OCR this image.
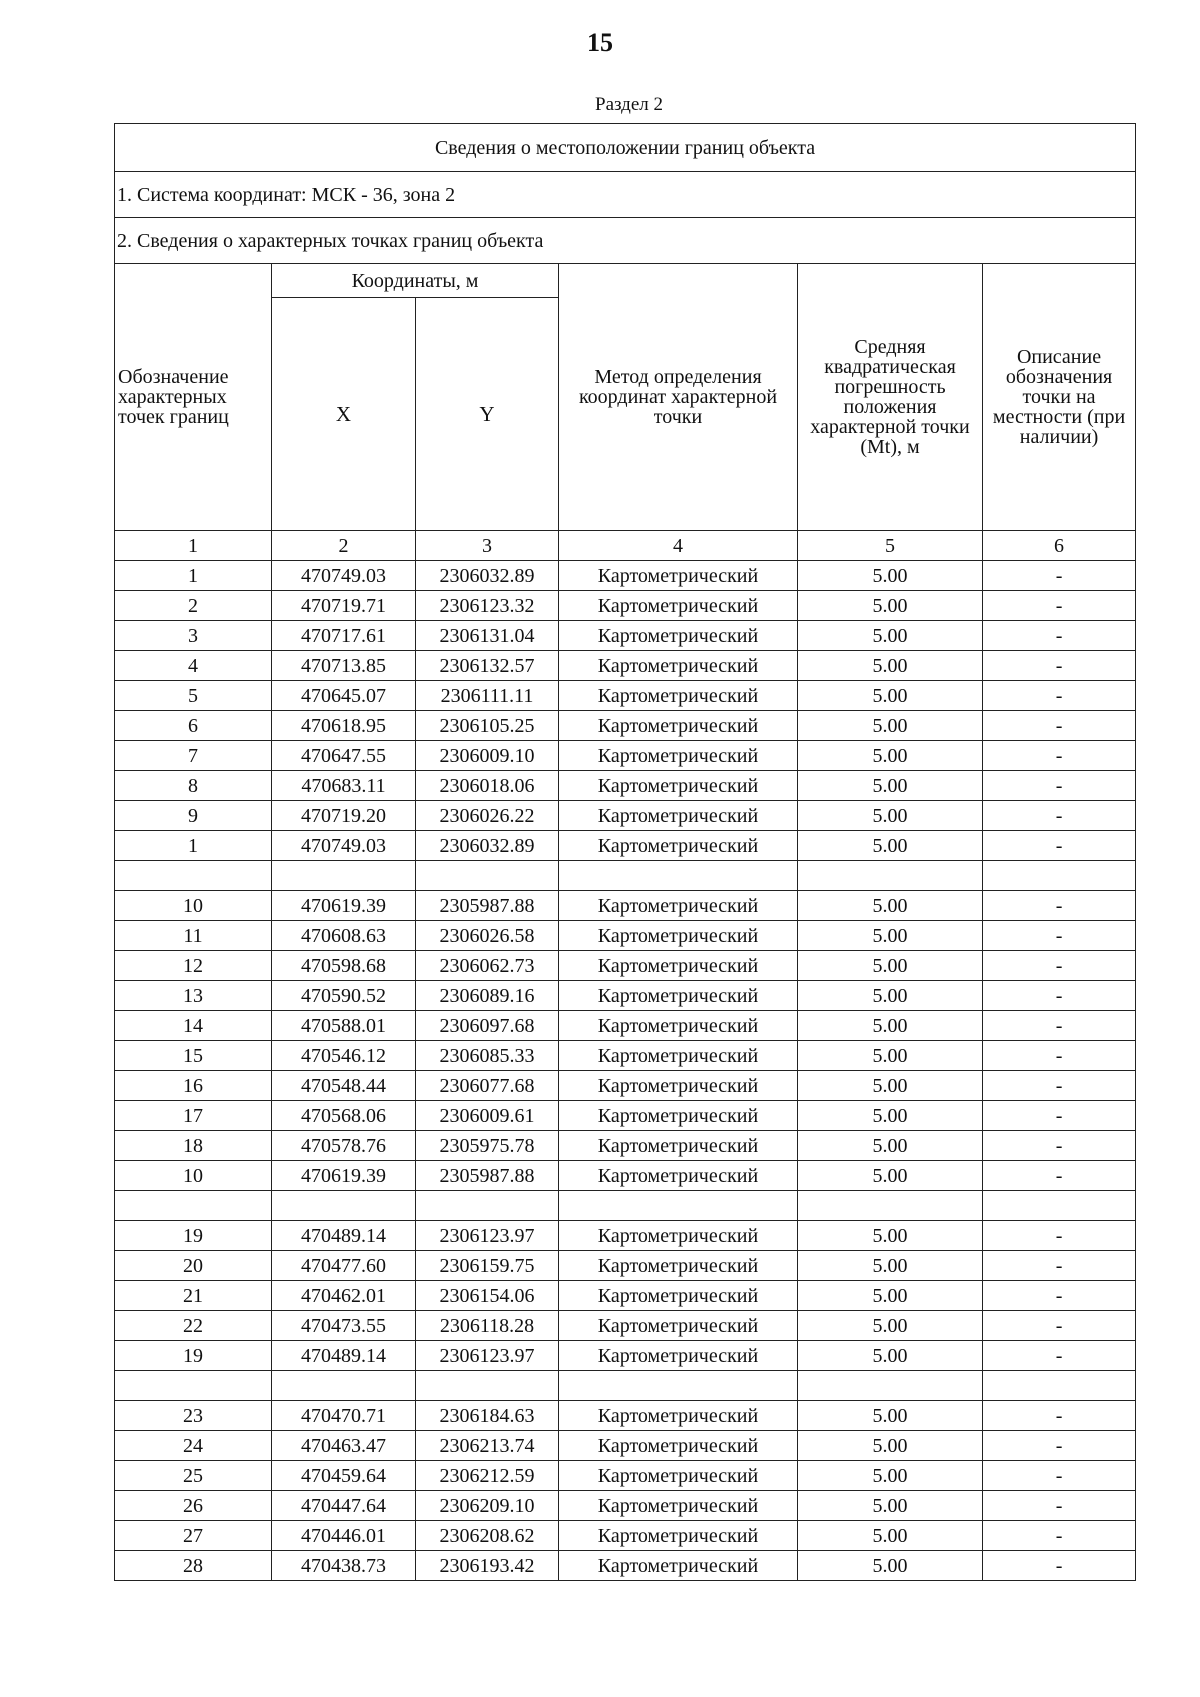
15
Раздел 2
Сведения о местоположении границ объекта					
1. Система координат: МСК - 36, зона 2					
2. Сведения о характерных точках границ объекта					
Обозначение характерных точек границ	Координаты, м		Метод определения координат характерной точки	Средняя квадратическая погрешность положения характерной точки (Mt), м	Описание обозначения точки на местности (при наличии)
	X	Y			
1	2	3	4	5	6
1	470749.03	2306032.89	Картометрический	5.00	-
2	470719.71	2306123.32	Картометрический	5.00	-
3	470717.61	2306131.04	Картометрический	5.00	-
4	470713.85	2306132.57	Картометрический	5.00	-
5	470645.07	2306111.11	Картометрический	5.00	-
6	470618.95	2306105.25	Картометрический	5.00	-
7	470647.55	2306009.10	Картометрический	5.00	-
8	470683.11	2306018.06	Картометрический	5.00	-
9	470719.20	2306026.22	Картометрический	5.00	-
1	470749.03	2306032.89	Картометрический	5.00	-

10	470619.39	2305987.88	Картометрический	5.00	-
11	470608.63	2306026.58	Картометрический	5.00	-
12	470598.68	2306062.73	Картометрический	5.00	-
13	470590.52	2306089.16	Картометрический	5.00	-
14	470588.01	2306097.68	Картометрический	5.00	-
15	470546.12	2306085.33	Картометрический	5.00	-
16	470548.44	2306077.68	Картометрический	5.00	-
17	470568.06	2306009.61	Картометрический	5.00	-
18	470578.76	2305975.78	Картометрический	5.00	-
10	470619.39	2305987.88	Картометрический	5.00	-

19	470489.14	2306123.97	Картометрический	5.00	-
20	470477.60	2306159.75	Картометрический	5.00	-
21	470462.01	2306154.06	Картометрический	5.00	-
22	470473.55	2306118.28	Картометрический	5.00	-
19	470489.14	2306123.97	Картометрический	5.00	-

23	470470.71	2306184.63	Картометрический	5.00	-
24	470463.47	2306213.74	Картометрический	5.00	-
25	470459.64	2306212.59	Картометрический	5.00	-
26	470447.64	2306209.10	Картометрический	5.00	-
27	470446.01	2306208.62	Картометрический	5.00	-
28	470438.73	2306193.42	Картометрический	5.00	-
